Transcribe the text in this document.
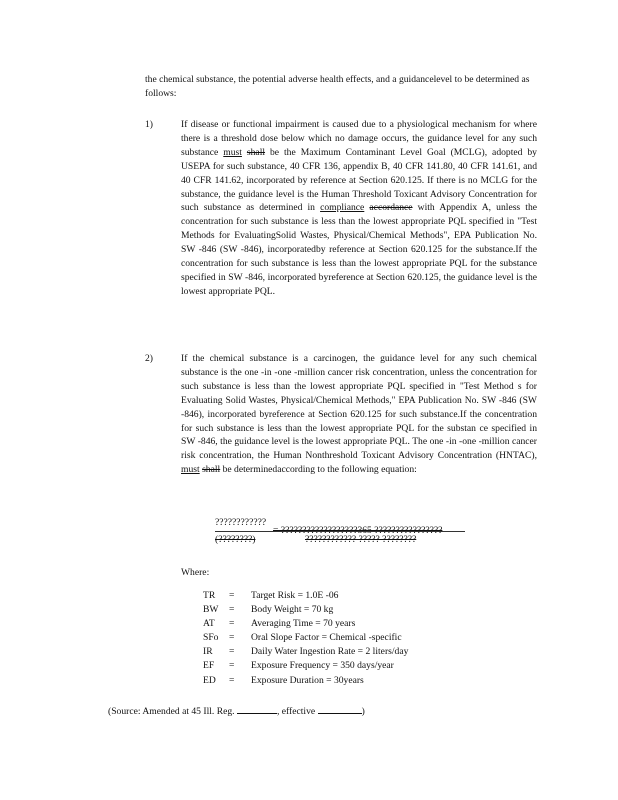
the chemical substance, the potential adverse health effects, and a guidancelevel to be determined as follows:
1)	If disease or functional impairment is caused due to a physiological mechanism for where there is a threshold dose below which no damage occurs, the guidance level for any such substance must shall be the Maximum Contaminant Level Goal (MCLG), adopted by USEPA for such substance, 40 CFR 136, appendix B, 40 CFR 141.80, 40 CFR 141.61, and 40 CFR 141.62, incorporated by reference at Section 620.125. If there is no MCLG for the substance, the guidance level is the Human Threshold Toxicant Advisory Concentration for such substance as determined in compliance accordance with Appendix A, unless the concentration for such substance is less than the lowest appropriate PQL specified in "Test Methods for EvaluatingSolid Wastes, Physical/Chemical Methods", EPA Publication No. SW -846 (SW -846), incorporatedby reference at Section 620.125 for the substance.If the concentration for such substance is less than the lowest appropriate PQL for the substance specified in SW -846, incorporated byreference at Section 620.125, the guidance level is the lowest appropriate PQL.
2)	If the chemical substance is a carcinogen, the guidance level for any such chemical substance is the one -in -one -million cancer risk concentration, unless the concentration for such substance is less than the lowest appropriate PQL specified in "Test Method s for Evaluating Solid Wastes, Physical/Chemical Methods," EPA Publication No. SW -846 (SW -846), incorporated byreference at Section 620.125 for such substance.If the concentration for such substance is less than the lowest appropriate PQL for the substan ce specified in SW -846, the guidance level is the lowest appropriate PQL. The one -in -one -million cancer risk concentration, the Human Nonthreshold Toxicant Advisory Concentration (HNTAC), must shall be determinedaccording to the following equation:
????????????
= ??????????????????365 ????????????????
(????????)	???????????? ????? ????????
Where:
TR	=	Target Risk = 1.0E -06
BW	=	Body Weight = 70 kg
AT	=	Averaging Time = 70 years
SFo	=	Oral Slope Factor = Chemical -specific
IR	=	Daily Water Ingestion Rate = 2 liters/day
EF	=	Exposure Frequency = 350 days/year
ED	=	Exposure Duration = 30years
(Source: Amended at 45 Ill. Reg.	, effective	)
